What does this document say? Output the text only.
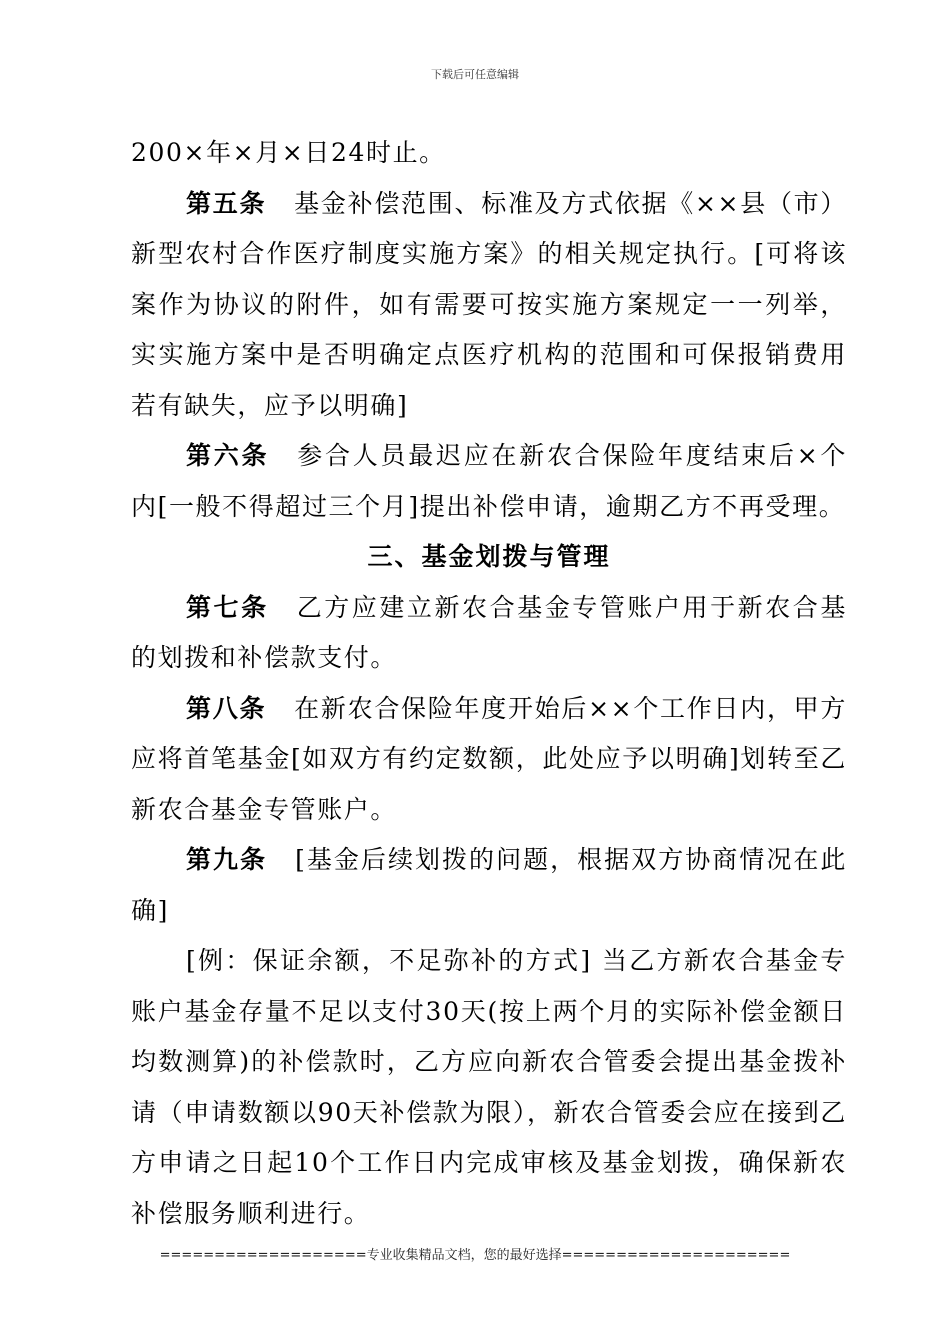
下载后可任意编辑
200×年×月×日24时止。
第五条 基金补偿范围、标准及方式依据《××县（市）
新型农村合作医疗制度实施方案》的相关规定执行。[可将该
案作为协议的附件，如有需要可按实施方案规定一一列举，
实实施方案中是否明确定点医疗机构的范围和可保报销费用
若有缺失，应予以明确]
第六条 参合人员最迟应在新农合保险年度结束后×个
内[一般不得超过三个月]提出补偿申请，逾期乙方不再受理。
三、基金划拨与管理
第七条 乙方应建立新农合基金专管账户用于新农合基
的划拨和补偿款支付。
第八条 在新农合保险年度开始后××个工作日内，甲方
应将首笔基金[如双方有约定数额，此处应予以明确]划转至乙
新农合基金专管账户。
第九条 [基金后续划拨的问题，根据双方协商情况在此
确]
[例：保证余额，不足弥补的方式] 当乙方新农合基金专
账户基金存量不足以支付30天(按上两个月的实际补偿金额日
均数测算)的补偿款时，乙方应向新农合管委会提出基金拨补
请（申请数额以90天补偿款为限），新农合管委会应在接到乙
方申请之日起10个工作日内完成审核及基金划拨，确保新农
补偿服务顺利进行。
===================专业收集精品文档，您的最好选择=====================
